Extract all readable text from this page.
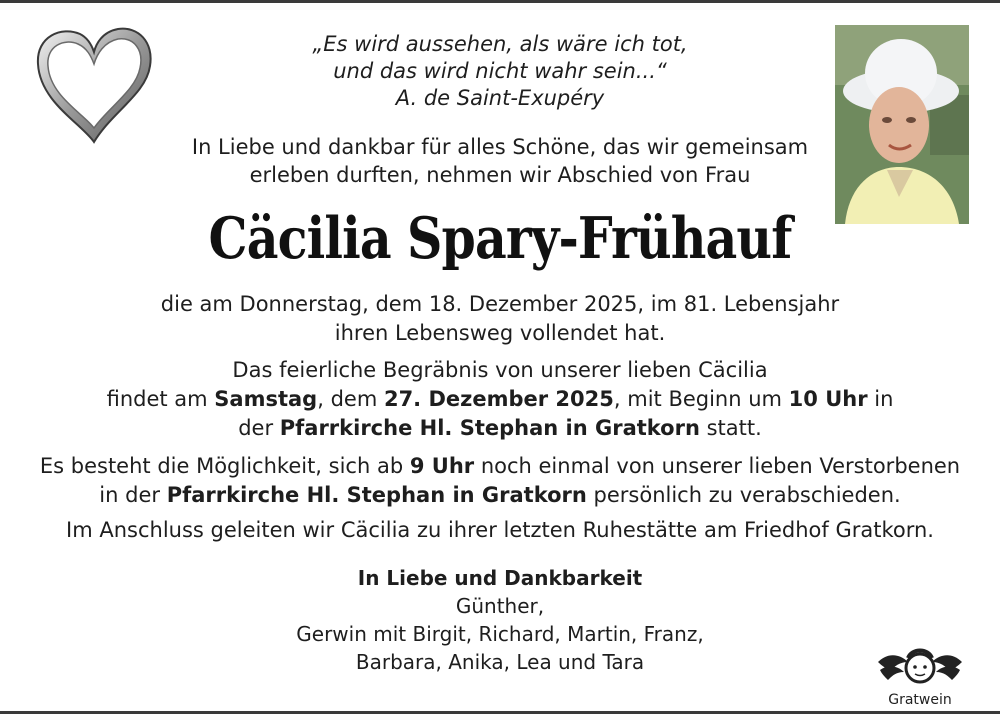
„Es wird aussehen, als wäre ich tot,
und das wird nicht wahr sein...“
A. de Saint-Exupéry
In Liebe und dankbar für alles Schöne, das wir gemeinsam
erleben durften, nehmen wir Abschied von Frau
Cäcilia Spary-Frühauf
die am Donnerstag, dem 18. Dezember 2025, im 81. Lebensjahr
ihren Lebensweg vollendet hat.
Das feierliche Begräbnis von unserer lieben Cäcilia
findet am Samstag, dem 27. Dezember 2025, mit Beginn um 10 Uhr in
der Pfarrkirche Hl. Stephan in Gratkorn statt.
Es besteht die Möglichkeit, sich ab 9 Uhr noch einmal von unserer lieben Verstorbenen
in der Pfarrkirche Hl. Stephan in Gratkorn persönlich zu verabschieden.
Im Anschluss geleiten wir Cäcilia zu ihrer letzten Ruhestätte am Friedhof Gratkorn.
In Liebe und Dankbarkeit
Günther,
Gerwin mit Birgit, Richard, Martin, Franz,
Barbara, Anika, Lea und Tara
Gratwein
